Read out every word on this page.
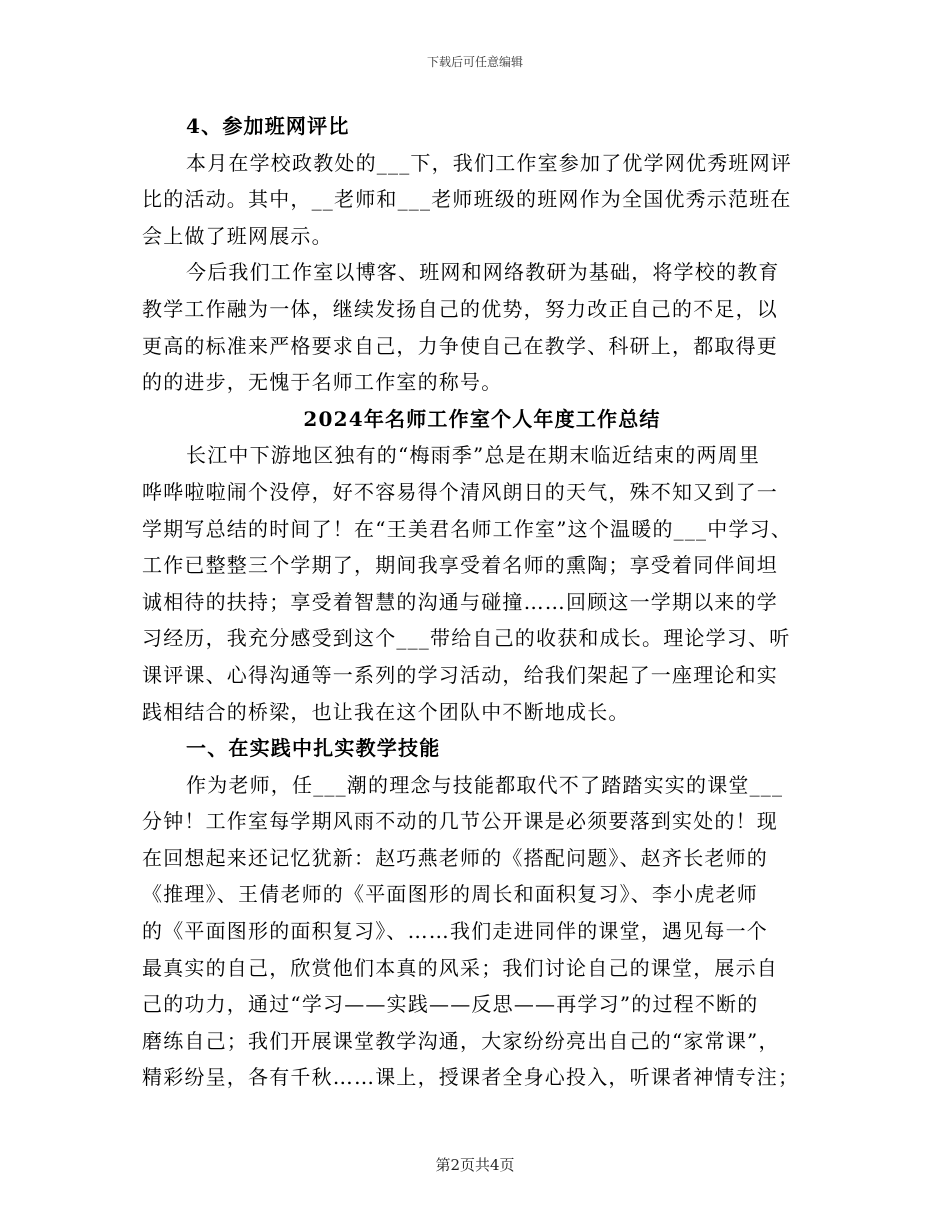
下载后可任意编辑
4、参加班网评比
本月在学校政教处的___下，我们工作室参加了优学网优秀班网评
比的活动。其中，__老师和___老师班级的班网作为全国优秀示范班在
会上做了班网展示。
今后我们工作室以博客、班网和网络教研为基础，将学校的教育
教学工作融为一体，继续发扬自己的优势，努力改正自己的不足，以
更高的标准来严格要求自己，力争使自己在教学、科研上，都取得更
的的进步，无愧于名师工作室的称号。
2024年名师工作室个人年度工作总结
长江中下游地区独有的“梅雨季”总是在期末临近结束的两周里
哗哗啦啦闹个没停，好不容易得个清风朗日的天气，殊不知又到了一
学期写总结的时间了！在“王美君名师工作室”这个温暖的___中学习、
工作已整整三个学期了，期间我享受着名师的熏陶；享受着同伴间坦
诚相待的扶持；享受着智慧的沟通与碰撞……回顾这一学期以来的学
习经历，我充分感受到这个___带给自己的收获和成长。理论学习、听
课评课、心得沟通等一系列的学习活动，给我们架起了一座理论和实
践相结合的桥梁，也让我在这个团队中不断地成长。
一、在实践中扎实教学技能
作为老师，任___潮的理念与技能都取代不了踏踏实实的课堂___
分钟！工作室每学期风雨不动的几节公开课是必须要落到实处的！现
在回想起来还记忆犹新：赵巧燕老师的《搭配问题》、赵齐长老师的
《推理》、王倩老师的《平面图形的周长和面积复习》、李小虎老师
的《平面图形的面积复习》、……我们走进同伴的课堂，遇见每一个
最真实的自己，欣赏他们本真的风采；我们讨论自己的课堂，展示自
己的功力，通过“学习——实践——反思——再学习”的过程不断的
磨练自己；我们开展课堂教学沟通，大家纷纷亮出自己的“家常课”，
精彩纷呈，各有千秋……课上，授课者全身心投入，听课者神情专注；
第2页共4页
